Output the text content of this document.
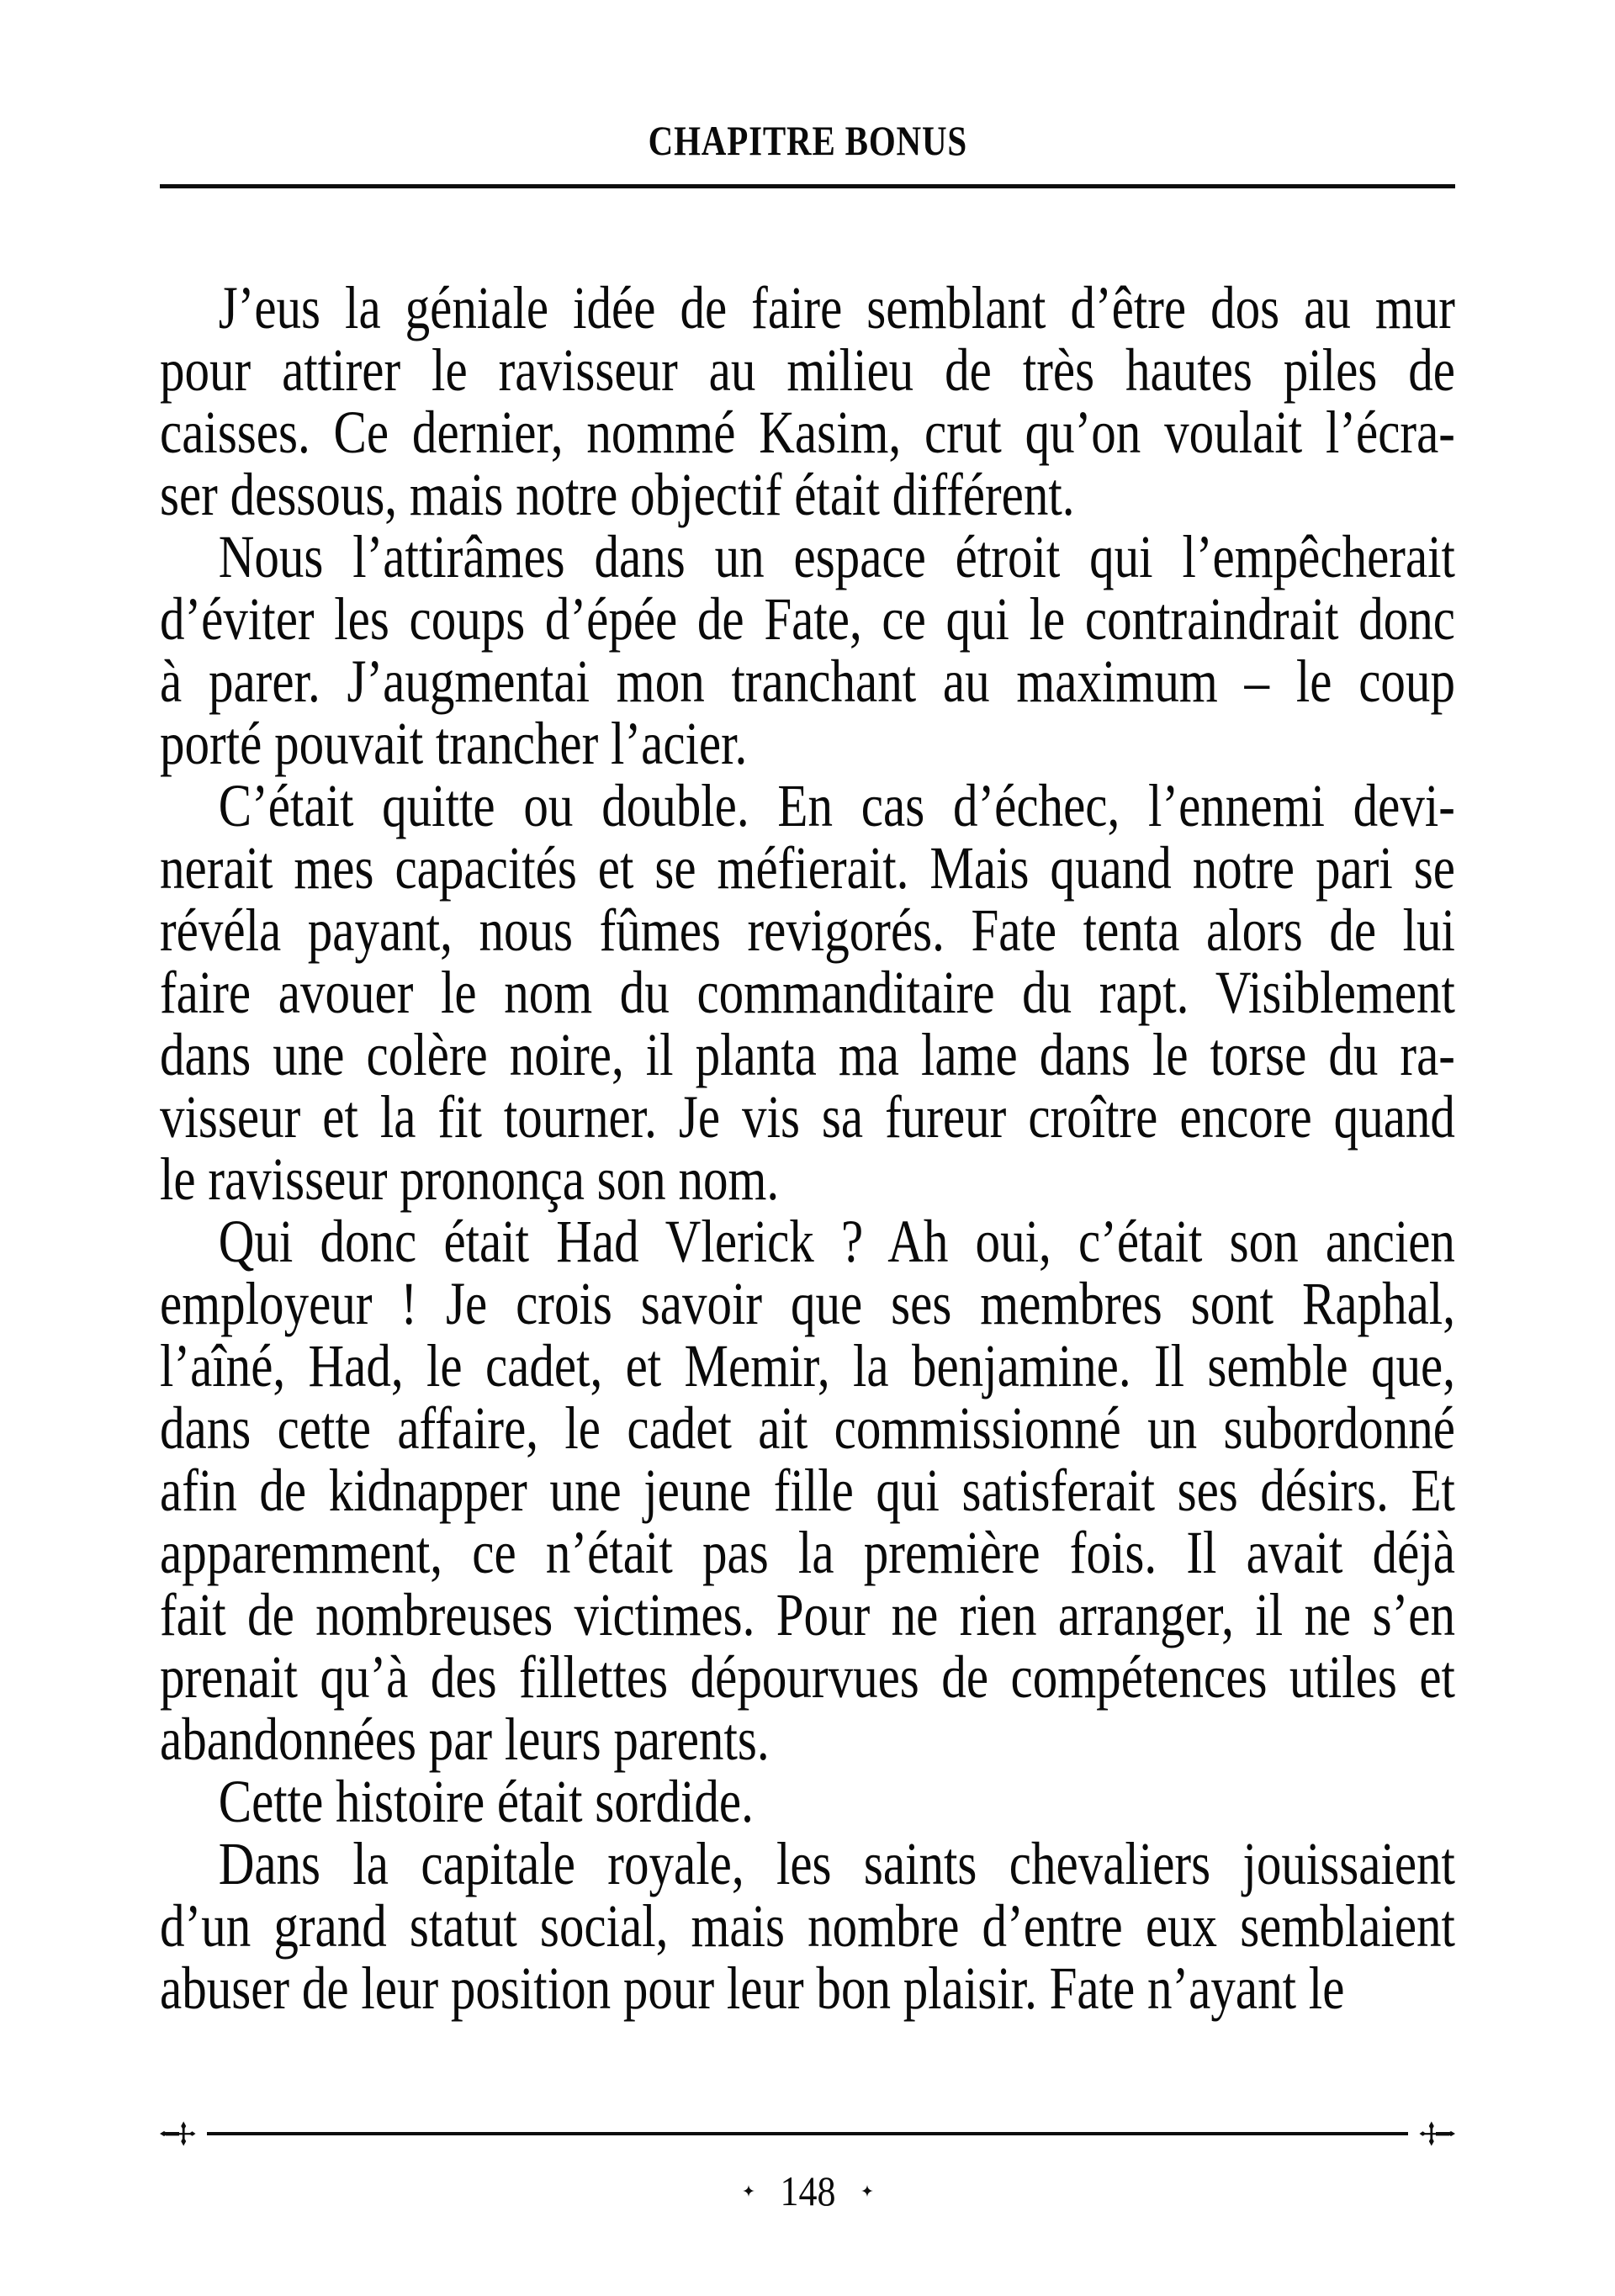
CHAPITRE BONUS
J’eus la géniale idée de faire semblant d’être dos au mur
pour attirer le ravisseur au milieu de très hautes piles de
caisses. Ce dernier, nommé Kasim, crut qu’on voulait l’écra-
ser dessous, mais notre objectif était différent.
Nous l’attirâmes dans un espace étroit qui l’empêcherait
d’éviter les coups d’épée de Fate, ce qui le contraindrait donc
à parer. J’augmentai mon tranchant au maximum – le coup
porté pouvait trancher l’acier.
C’était quitte ou double. En cas d’échec, l’ennemi devi-
nerait mes capacités et se méfierait. Mais quand notre pari se
révéla payant, nous fûmes revigorés. Fate tenta alors de lui
faire avouer le nom du commanditaire du rapt. Visiblement
dans une colère noire, il planta ma lame dans le torse du ra-
visseur et la fit tourner. Je vis sa fureur croître encore quand
le ravisseur prononça son nom.
Qui donc était Had Vlerick ? Ah oui, c’était son ancien
employeur ! Je crois savoir que ses membres sont Raphal,
l’aîné, Had, le cadet, et Memir, la benjamine. Il semble que,
dans cette affaire, le cadet ait commissionné un subordonné
afin de kidnapper une jeune fille qui satisferait ses désirs. Et
apparemment, ce n’était pas la première fois. Il avait déjà
fait de nombreuses victimes. Pour ne rien arranger, il ne s’en
prenait qu’à des fillettes dépourvues de compétences utiles et
abandonnées par leurs parents.
Cette histoire était sordide.
Dans la capitale royale, les saints chevaliers jouissaient
d’un grand statut social, mais nombre d’entre eux semblaient
abuser de leur position pour leur bon plaisir. Fate n’ayant le
148
